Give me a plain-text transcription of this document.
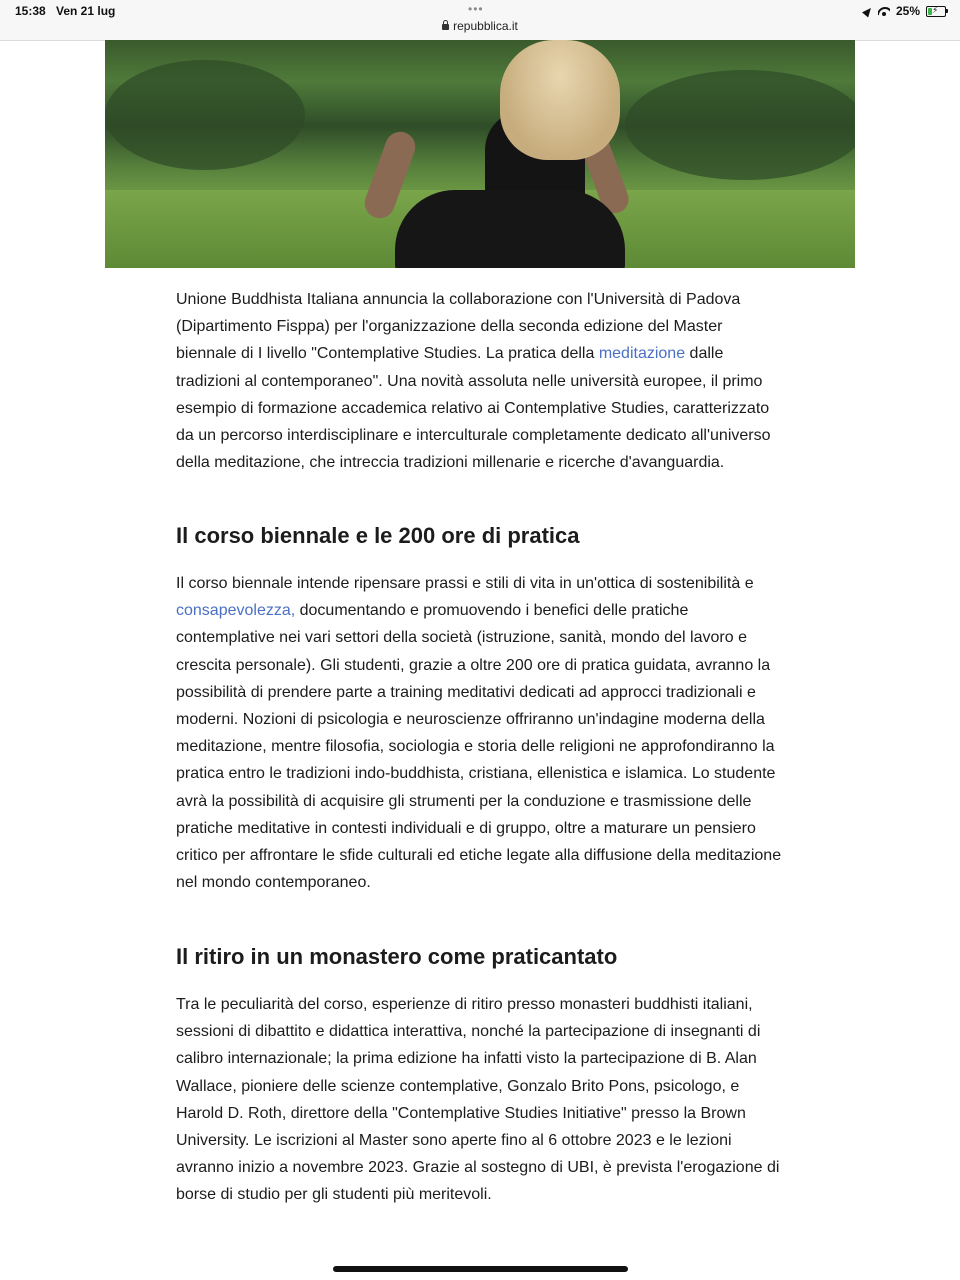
15:38 Ven 21 lug	•••
repubblica.it
25% ⚡

Unione Buddhista Italiana annuncia la collaborazione con l'Università di Padova (Dipartimento Fisppa) per l'organizzazione della seconda edizione del Master biennale di I livello "Contemplative Studies. La pratica della meditazione dalle tradizioni al contemporaneo". Una novità assoluta nelle università europee, il primo esempio di formazione accademica relativo ai Contemplative Studies, caratterizzato da un percorso interdisciplinare e interculturale completamente dedicato all'universo della meditazione, che intreccia tradizioni millenarie e ricerche d'avanguardia.

Il corso biennale e le 200 ore di pratica

Il corso biennale intende ripensare prassi e stili di vita in un'ottica di sostenibilità e consapevolezza, documentando e promuovendo i benefici delle pratiche contemplative nei vari settori della società (istruzione, sanità, mondo del lavoro e crescita personale). Gli studenti, grazie a oltre 200 ore di pratica guidata, avranno la possibilità di prendere parte a training meditativi dedicati ad approcci tradizionali e moderni. Nozioni di psicologia e neuroscienze offriranno un'indagine moderna della meditazione, mentre filosofia, sociologia e storia delle religioni ne approfondiranno la pratica entro le tradizioni indo-buddhista, cristiana, ellenistica e islamica. Lo studente avrà la possibilità di acquisire gli strumenti per la conduzione e trasmissione delle pratiche meditative in contesti individuali e di gruppo, oltre a maturare un pensiero critico per affrontare le sfide culturali ed etiche legate alla diffusione della meditazione nel mondo contemporaneo.

Il ritiro in un monastero come praticantato

Tra le peculiarità del corso, esperienze di ritiro presso monasteri buddhisti italiani, sessioni di dibattito e didattica interattiva, nonché la partecipazione di insegnanti di calibro internazionale; la prima edizione ha infatti visto la partecipazione di B. Alan Wallace, pioniere delle scienze contemplative, Gonzalo Brito Pons, psicologo, e Harold D. Roth, direttore della "Contemplative Studies Initiative" presso la Brown University. Le iscrizioni al Master sono aperte fino al 6 ottobre 2023 e le lezioni avranno inizio a novembre 2023. Grazie al sostegno di UBI, è prevista l'erogazione di borse di studio per gli studenti più meritevoli.
